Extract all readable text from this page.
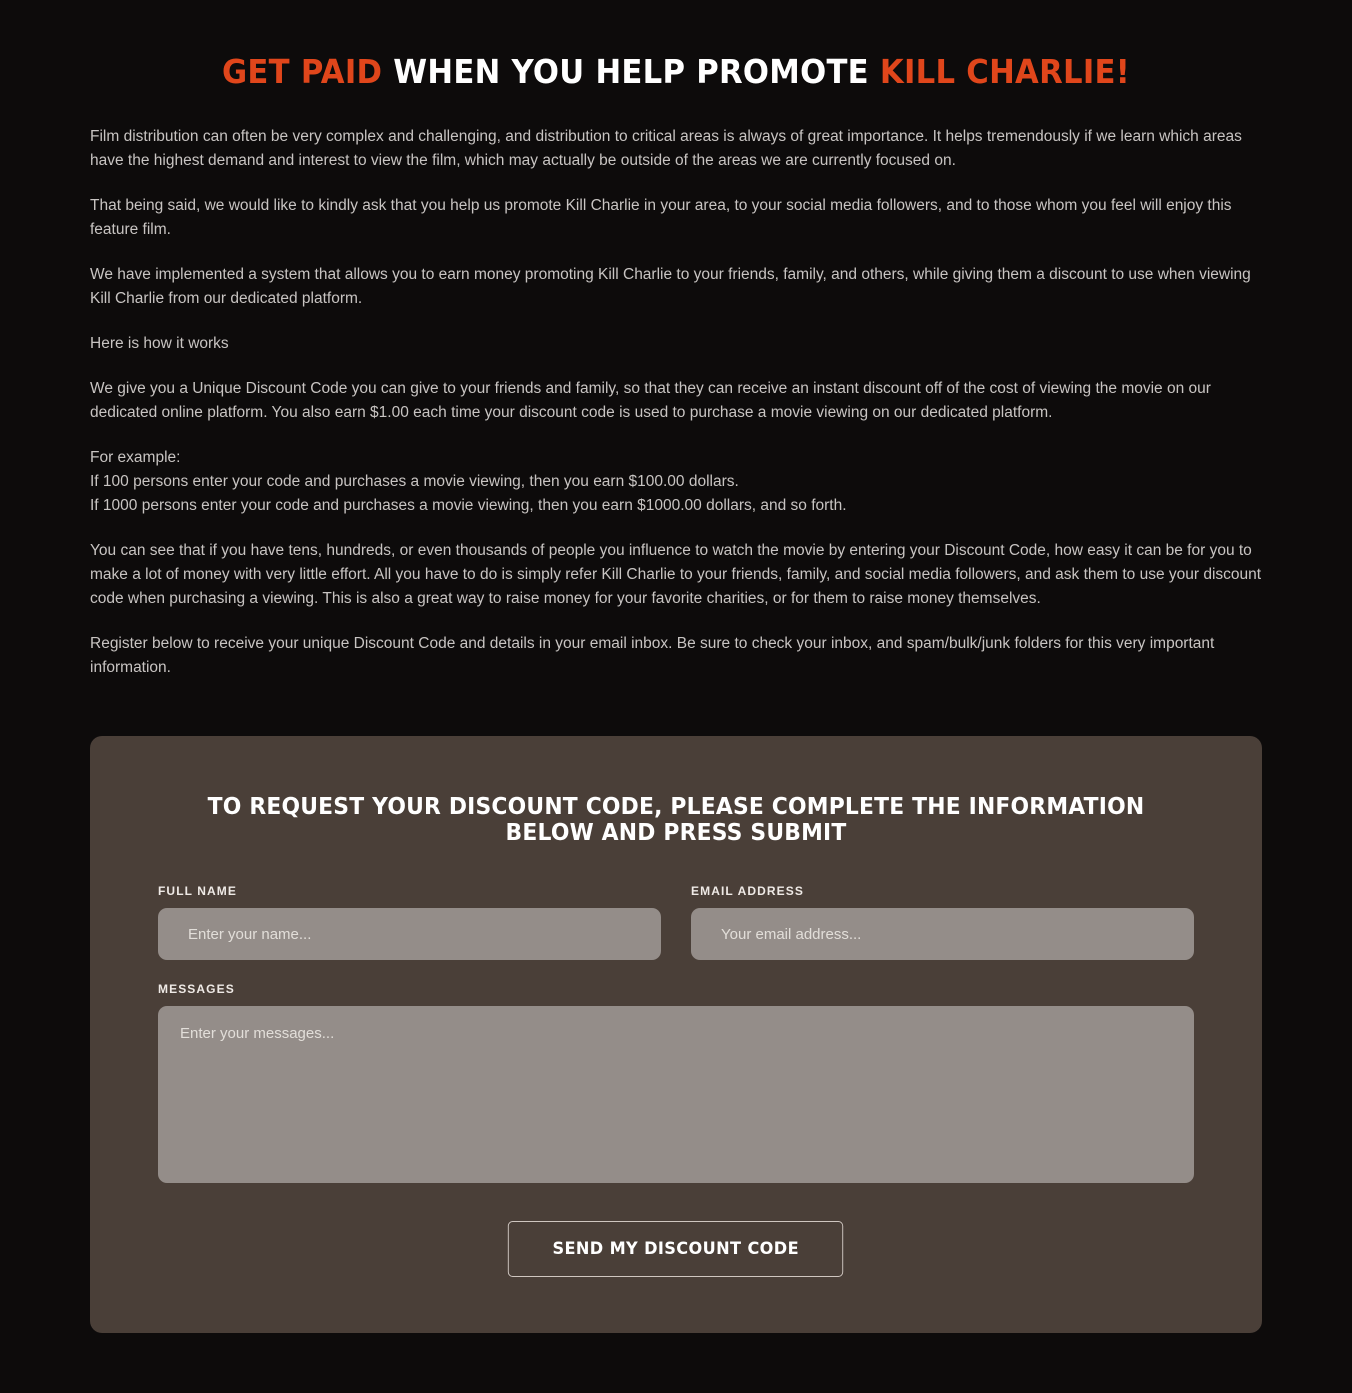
GET PAID WHEN YOU HELP PROMOTE KILL CHARLIE!

Film distribution can often be very complex and challenging, and distribution to critical areas is always of great importance. It helps tremendously if we learn which areas have the highest demand and interest to view the film, which may actually be outside of the areas we are currently focused on.

That being said, we would like to kindly ask that you help us promote Kill Charlie in your area, to your social media followers, and to those whom you feel will enjoy this feature film.

We have implemented a system that allows you to earn money promoting Kill Charlie to your friends, family, and others, while giving them a discount to use when viewing Kill Charlie from our dedicated platform.

Here is how it works

We give you a Unique Discount Code you can give to your friends and family, so that they can receive an instant discount off of the cost of viewing the movie on our dedicated online platform. You also earn $1.00 each time your discount code is used to purchase a movie viewing on our dedicated platform.

For example:

If 100 persons enter your code and purchases a movie viewing, then you earn $100.00 dollars.

If 1000 persons enter your code and purchases a movie viewing, then you earn $1000.00 dollars, and so forth.

You can see that if you have tens, hundreds, or even thousands of people you influence to watch the movie by entering your Discount Code, how easy it can be for you to make a lot of money with very little effort. All you have to do is simply refer Kill Charlie to your friends, family, and social media followers, and ask them to use your discount code when purchasing a viewing. This is also a great way to raise money for your favorite charities, or for them to raise money themselves.

Register below to receive your unique Discount Code and details in your email inbox. Be sure to check your inbox, and spam/bulk/junk folders for this very important information.

TO REQUEST YOUR DISCOUNT CODE, PLEASE COMPLETE THE INFORMATION BELOW AND PRESS SUBMIT
FULL NAME
Enter your name...	EMAIL ADDRESS
Your email address...
MESSAGES
Enter your messages...
SEND MY DISCOUNT CODE
